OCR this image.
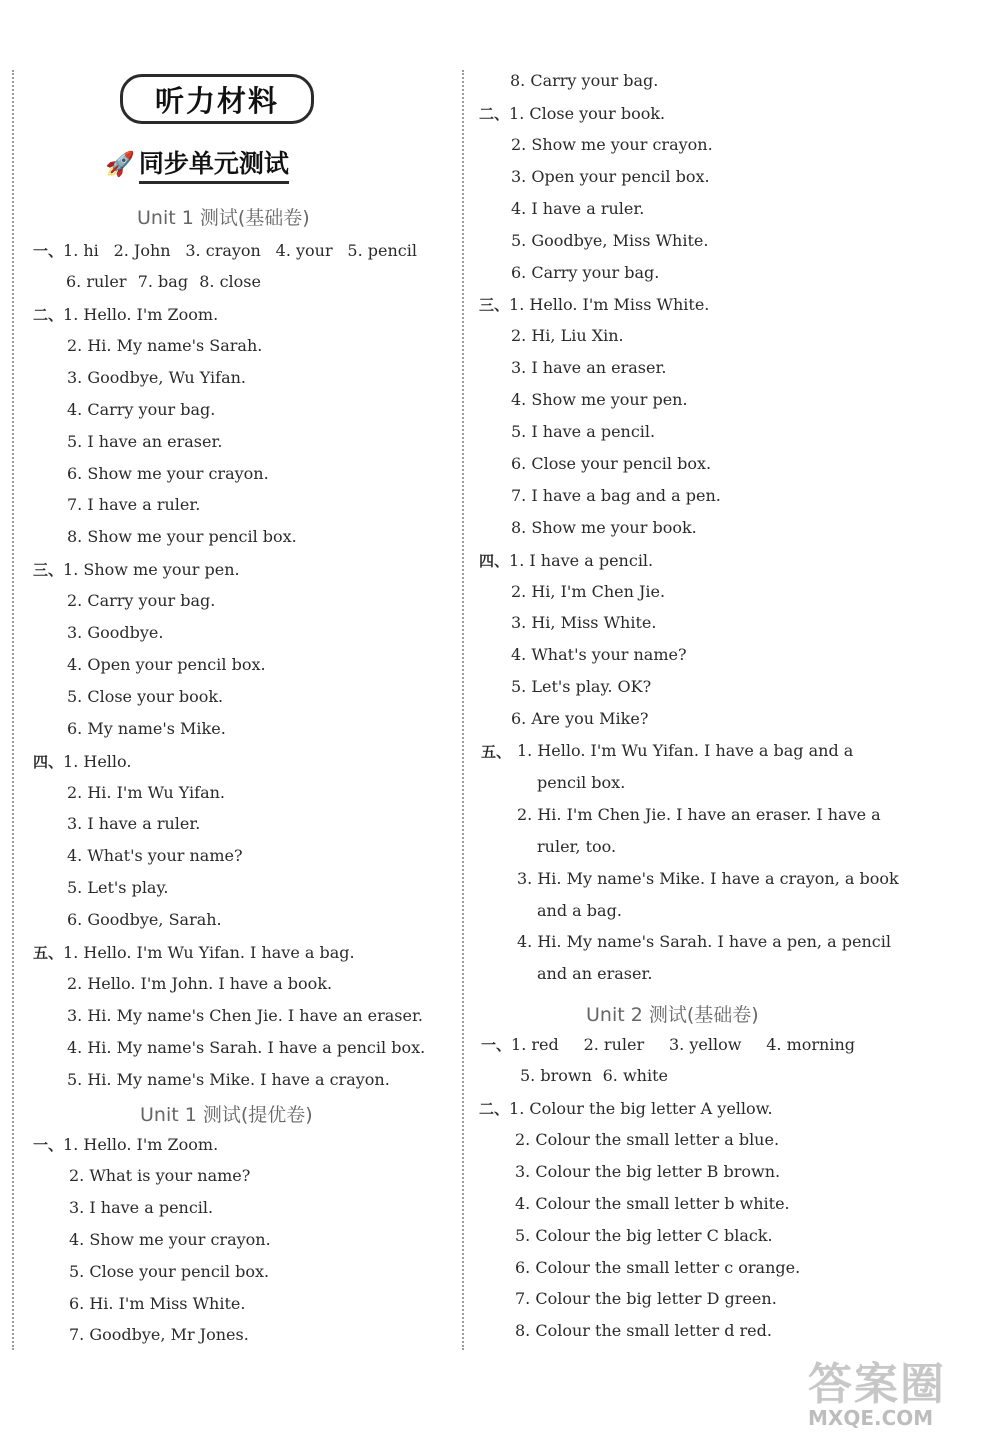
听力材料
🚀 同步单元测试
Unit 1 测试(基础卷)
一、 1. hi 2. John 3. crayon 4. your 5. pencil
6. ruler 7. bag 8. close
二、1. Hello. I'm Zoom.
2. Hi. My name's Sarah.
3. Goodbye, Wu Yifan.
4. Carry your bag.
5. I have an eraser.
6. Show me your crayon.
7. I have a ruler.
8. Show me your pencil box.
三、1. Show me your pen.
2. Carry your bag.
3. Goodbye.
4. Open your pencil box.
5. Close your book.
6. My name's Mike.
四、1. Hello.
2. Hi. I'm Wu Yifan.
3. I have a ruler.
4. What's your name?
5. Let's play.
6. Goodbye, Sarah.
五、1. Hello. I'm Wu Yifan. I have a bag.
2. Hello. I'm John. I have a book.
3. Hi. My name's Chen Jie. I have an eraser.
4. Hi. My name's Sarah. I have a pencil box.
5. Hi. My name's Mike. I have a crayon.
Unit 1 测试(提优卷)
一、1. Hello. I'm Zoom.
2. What is your name?
3. I have a pencil.
4. Show me your crayon.
5. Close your pencil box.
6. Hi. I'm Miss White.
7. Goodbye, Mr Jones.
8. Carry your bag.
二、1. Close your book.
2. Show me your crayon.
3. Open your pencil box.
4. I have a ruler.
5. Goodbye, Miss White.
6. Carry your bag.
三、1. Hello. I'm Miss White.
2. Hi, Liu Xin.
3. I have an eraser.
4. Show me your pen.
5. I have a pencil.
6. Close your pencil box.
7. I have a bag and a pen.
8. Show me your book.
四、1. I have a pencil.
2. Hi, I'm Chen Jie.
3. Hi, Miss White.
4. What's your name?
5. Let's play. OK?
6. Are you Mike?
五、 1. Hello. I'm Wu Yifan. I have a bag and a
pencil box.
2. Hi. I'm Chen Jie. I have an eraser. I have a
ruler, too.
3. Hi. My name's Mike. I have a crayon, a book
and a bag.
4. Hi. My name's Sarah. I have a pen, a pencil
and an eraser.
Unit 2 测试(基础卷)
一、 1. red 2. ruler 3. yellow 4. morning
5. brown 6. white
二、1. Colour the big letter A yellow.
2. Colour the small letter a blue.
3. Colour the big letter B brown.
4. Colour the small letter b white.
5. Colour the big letter C black.
6. Colour the small letter c orange.
7. Colour the big letter D green.
8. Colour the small letter d red.
答案圈
MXQE.COM
